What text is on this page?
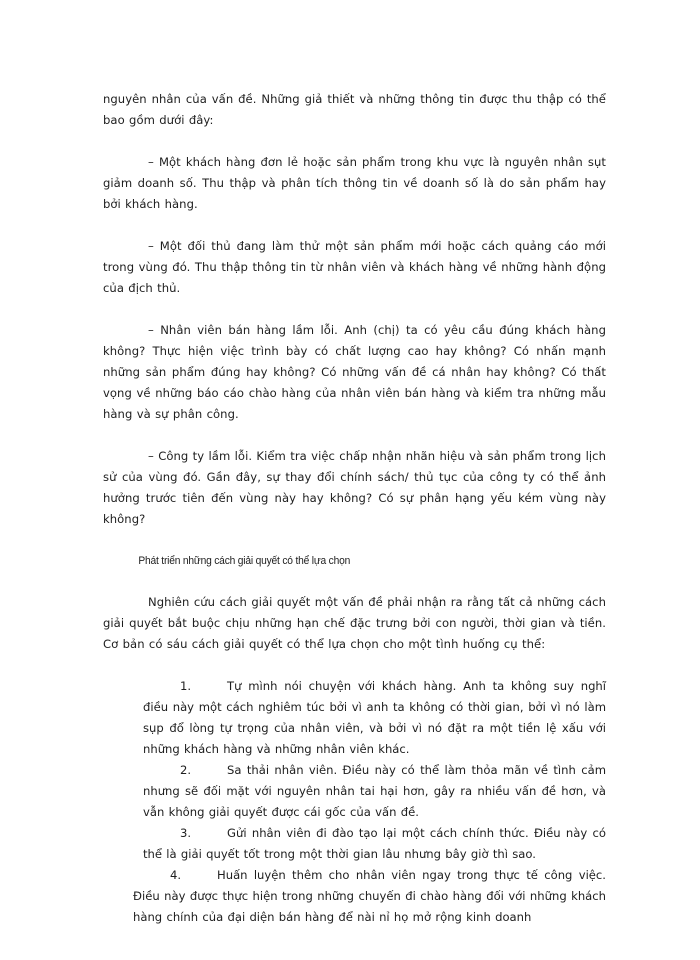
nguyên nhân của vấn đề. Những giả thiết và những thông tin được thu thập có thể bao gồm dưới đây:

– Một khách hàng đơn lẻ hoặc sản phẩm trong khu vực là nguyên nhân sụt giảm doanh số. Thu thập và phân tích thông tin về doanh số là do sản phẩm hay bởi khách hàng.

– Một đối thủ đang làm thử một sản phẩm mới hoặc cách quảng cáo mới trong vùng đó. Thu thập thông tin từ nhân viên và khách hàng về những hành động của địch thủ.

– Nhân viên bán hàng lầm lỗi. Anh (chị) ta có yêu cầu đúng khách hàng không? Thực hiện việc trình bày có chất lượng cao hay không? Có nhấn mạnh những sản phẩm đúng hay không? Có những vấn đề cá nhân hay không? Có thất vọng về những báo cáo chào hàng của nhân viên bán hàng và kiểm tra những mẫu hàng và sự phân công.

– Công ty lầm lỗi. Kiểm tra việc chấp nhận nhãn hiệu và sản phẩm trong lịch sử của vùng đó. Gần đây, sự thay đổi chính sách/ thủ tục của công ty có thể ảnh hưởng trước tiên đến vùng này hay không? Có sự phân hạng yếu kém vùng này không?

Phát triển những cách giải quyết có thể lựa chọn

Nghiên cứu cách giải quyết một vấn đề phải nhận ra rằng tất cả những cách giải quyết bắt buộc chịu những hạn chế đặc trưng bởi con người, thời gian và tiền. Cơ bản có sáu cách giải quyết có thể lựa chọn cho một tình huống cụ thể:

1.	Tự mình nói chuyện với khách hàng. Anh ta không suy nghĩ điều này một cách nghiêm túc bởi vì anh ta không có thời gian, bởi vì nó làm sụp đổ lòng tự trọng của nhân viên, và bởi vì nó đặt ra một tiền lệ xấu với những khách hàng và những nhân viên khác.
2.	Sa thải nhân viên. Điều này có thể làm thỏa mãn về tình cảm nhưng sẽ đối mặt với nguyên nhân tai hại hơn, gây ra nhiều vấn đề hơn, và vẫn không giải quyết được cái gốc của vấn đề.
3.	Gửi nhân viên đi đào tạo lại một cách chính thức. Điều này có thể là giải quyết tốt trong một thời gian lâu nhưng bây giờ thì sao.
4.	Huấn luyện thêm cho nhân viên ngay trong thực tế công việc. Điều này được thực hiện trong những chuyến đi chào hàng đối với những khách hàng chính của đại diện bán hàng để nài nỉ họ mở rộng kinh doanh
